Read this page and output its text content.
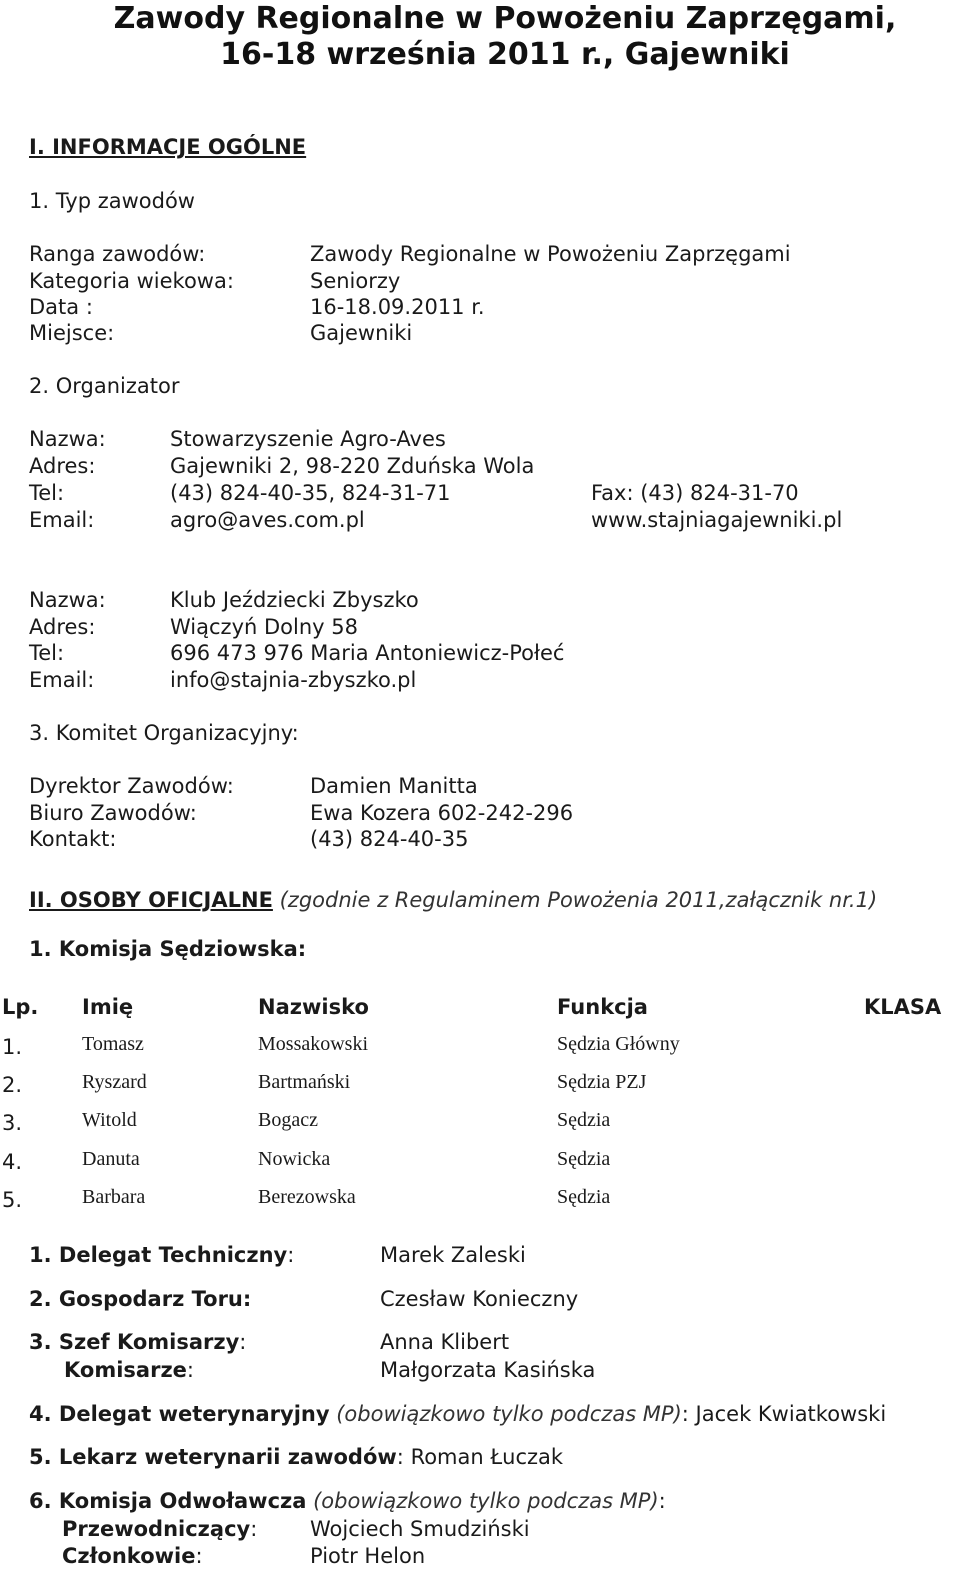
Zawody Regionalne w Powożeniu Zaprzęgami,
16-18 września 2011 r., Gajewniki
I. INFORMACJE OGÓLNE
1. Typ zawodów
Ranga zawodów:	Zawody Regionalne w Powożeniu Zaprzęgami
Kategoria wiekowa:	Seniorzy
Data :	16-18.09.2011 r.
Miejsce:	Gajewniki
2. Organizator
Nazwa:	Stowarzyszenie Agro-Aves
Adres:	Gajewniki 2, 98-220 Zduńska Wola
Tel:	(43) 824-40-35, 824-31-71	Fax: (43) 824-31-70
Email:	agro@aves.com.pl	www.stajniagajewniki.pl
Nazwa:	Klub Jeździecki Zbyszko
Adres:	Wiączyń Dolny 58
Tel:	696 473 976 Maria Antoniewicz-Połeć
Email:	info@stajnia-zbyszko.pl
3. Komitet Organizacyjny:
Dyrektor Zawodów:	Damien Manitta
Biuro Zawodów:	Ewa Kozera 602-242-296
Kontakt:	(43) 824-40-35
II. OSOBY OFICJALNE (zgodnie z Regulaminem Powożenia 2011,załącznik nr.1)
1. Komisja Sędziowska:
Lp. Imię	Nazwisko	Funkcja	KLASA
1.	Tomasz	Mossakowski	Sędzia Główny
2.	Ryszard	Bartmański	Sędzia PZJ
3.	Witold	Bogacz	Sędzia
4.	Danuta	Nowicka	Sędzia
5.	Barbara	Berezowska	Sędzia
1. Delegat Techniczny:	Marek Zaleski
2. Gospodarz Toru:	Czesław Konieczny
3. Szef Komisarzy:	Anna Klibert
Komisarze:	Małgorzata Kasińska
4. Delegat weterynaryjny (obowiązkowo tylko podczas MP): Jacek Kwiatkowski
5. Lekarz weterynarii zawodów: Roman Łuczak
6. Komisja Odwoławcza (obowiązkowo tylko podczas MP):
Przewodniczący:	Wojciech Smudziński
Członkowie:	Piotr Helon
